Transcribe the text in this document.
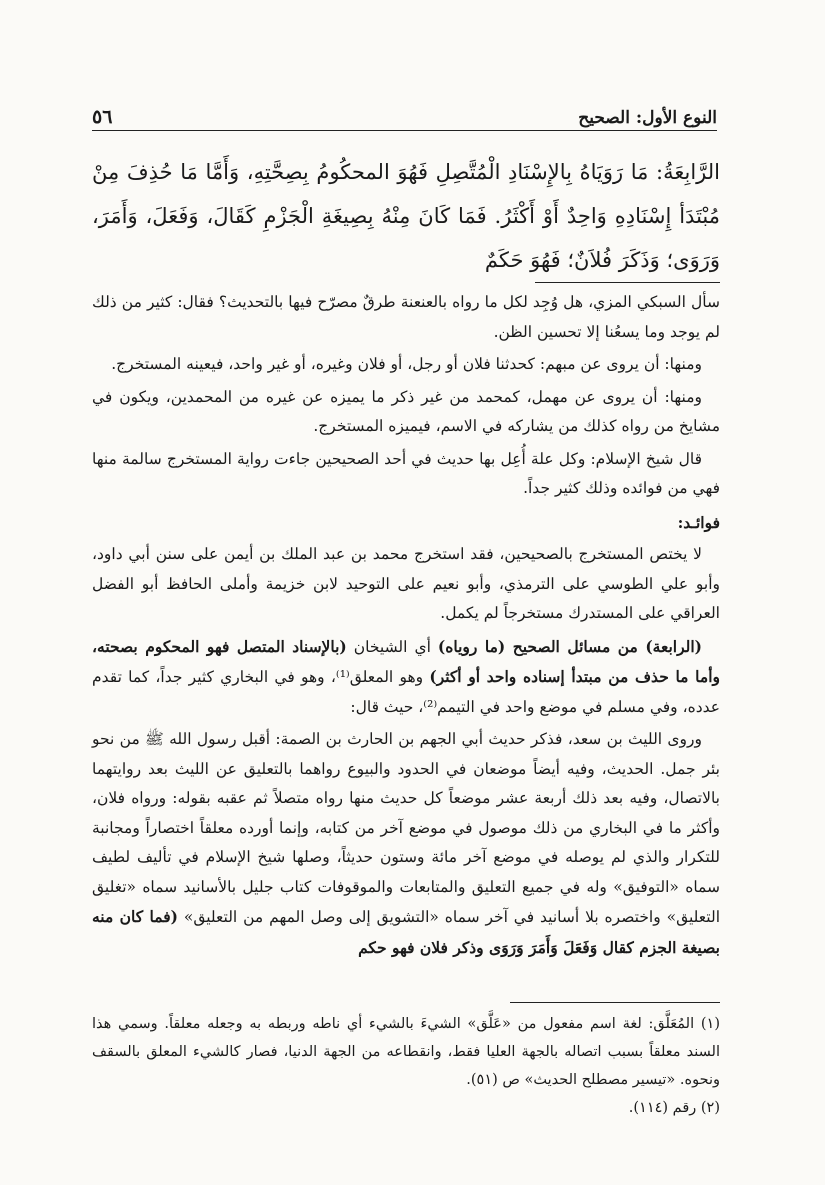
النوع الأول: الصحيح
٥٦
الرَّابِعَةُ: مَا رَوَيَاهُ بِالإِسْنَادِ الْمُتَّصِلِ فَهُوَ المحكُومُ بِصِحَّتِهِ، وَأَمَّا مَا حُذِفَ مِنْ مُبْتَدَأ إِسْنَادِهِ وَاحِدٌ أَوْ أَكْثَرُ. فَمَا كَانَ مِنْهُ بِصِيغَةِ الْجَزْمِ كَقَالَ، وَفَعَلَ، وَأَمَرَ، وَرَوَى؛ وَذَكَرَ فُلاَنٌ؛ فَهُوَ حَكَمٌ

سأل السبكي المزي، هل وُجِد لكل ما رواه بالعنعنة طرقٌ مصرّح فيها بالتحديث؟ فقال: كثير من ذلك لم يوجد وما يسعُنا إلا تحسين الظن.

ومنها: أن يروى عن مبهم: كحدثنا فلان أو رجل، أو فلان وغيره، أو غير واحد، فيعينه المستخرج.

ومنها: أن يروى عن مهمل، كمحمد من غير ذكر ما يميزه عن غيره من المحمدين، ويكون في مشايخ من رواه كذلك من يشاركه في الاسم، فيميزه المستخرج.

قال شيخ الإسلام: وكل علة أُعِل بها حديث في أحد الصحيحين جاءت رواية المستخرج سالمة منها فهي من فوائده وذلك كثير جداً.

فوائـد:

لا يختص المستخرج بالصحيحين، فقد استخرج محمد بن عبد الملك بن أيمن على سنن أبي داود، وأبو علي الطوسي على الترمذي، وأبو نعيم على التوحيد لابن خزيمة وأملى الحافظ أبو الفضل العراقي على المستدرك مستخرجاً لم يكمل.

(الرابعة) من مسائل الصحيح (ما روياه) أي الشيخان (بالإسناد المتصل فهو المحكوم بصحته، وأما ما حذف من مبتدأ إسناده واحد أو أكثر) وهو المعلق⁽¹⁾، وهو في البخاري كثير جداً، كما تقدم عدده، وفي مسلم في موضع واحد في التيمم⁽²⁾، حيث قال:

وروى الليث بن سعد، فذكر حديث أبي الجهم بن الحارث بن الصمة: أقبل رسول الله ﷺ من نحو بئر جمل. الحديث، وفيه أيضاً موضعان في الحدود والبيوع رواهما بالتعليق عن الليث بعد روايتهما بالاتصال، وفيه بعد ذلك أربعة عشر موضعاً كل حديث منها رواه متصلاً ثم عقبه بقوله: ورواه فلان، وأكثر ما في البخاري من ذلك موصول في موضع آخر من كتابه، وإنما أورده معلقاً اختصاراً ومجانبة للتكرار والذي لم يوصله في موضع آخر مائة وستون حديثاً، وصلها شيخ الإسلام في تأليف لطيف سماه «التوفيق» وله في جميع التعليق والمتابعات والموقوفات كتاب جليل بالأسانيد سماه «تغليق التعليق» واختصره بلا أسانيد في آخر سماه «التشويق إلى وصل المهم من التعليق» (فما كان منه بصيغة الجزم كقال وَفَعَلَ وَأَمَرَ وَرَوَى وذكر فلان فهو حكم

(١) المُعَلَّق: لغة اسم مفعول من «عَلَّق» الشيءَ بالشيء أي ناطه وربطه به وجعله معلقاً. وسمي هذا السند معلقاً بسبب اتصاله بالجهة العليا فقط، وانقطاعه من الجهة الدنيا، فصار كالشيء المعلق بالسقف ونحوه. «تيسير مصطلح الحديث» ص (٥١).

(٢) رقم (١١٤).
